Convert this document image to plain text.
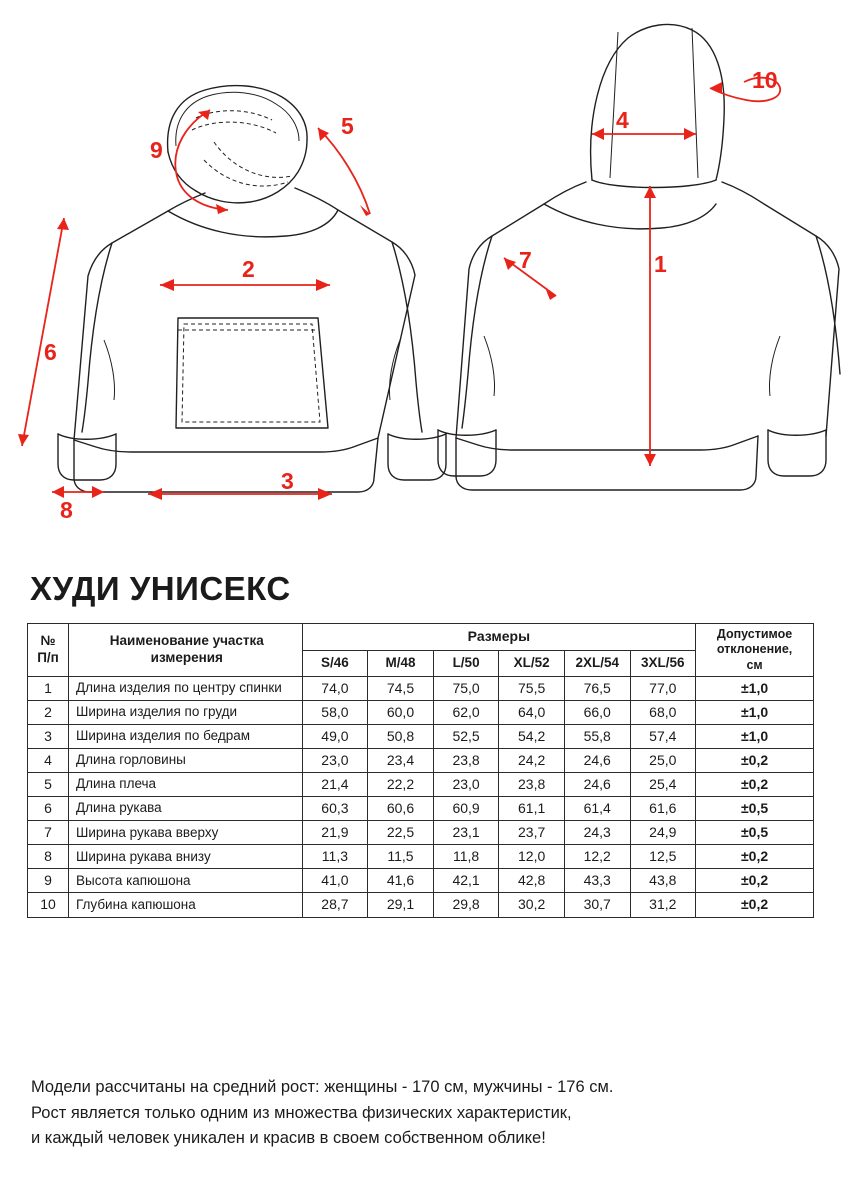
9
5
2
6
3
8
10
4
1
7
ХУДИ УНИСЕКС
№
П/п

Наименование участка
измерения
	Размеры	Допустимое
отклонение,
см

		S/46	M/48	L/50	XL/52	2XL/54	3XL/56	
1	Длина изделия по центру спинки	74,0	74,5	75,0	75,5	76,5	77,0	±1,0
2	Ширина изделия по груди	58,0	60,0	62,0	64,0	66,0	68,0	±1,0
3	Ширина изделия по бедрам	49,0	50,8	52,5	54,2	55,8	57,4	±1,0
4	Длина горловины	23,0	23,4	23,8	24,2	24,6	25,0	±0,2
5	Длина плеча	21,4	22,2	23,0	23,8	24,6	25,4	±0,2
6	Длина рукава	60,3	60,6	60,9	61,1	61,4	61,6	±0,5
7	Ширина рукава вверху	21,9	22,5	23,1	23,7	24,3	24,9	±0,5
8	Ширина рукава внизу	11,3	11,5	11,8	12,0	12,2	12,5	±0,2
9	Высота капюшона	41,0	41,6	42,1	42,8	43,3	43,8	±0,2
10	Глубина капюшона	28,7	29,1	29,8	30,2	30,7	31,2	±0,2
Модели рассчитаны на средний рост: женщины - 170 см, мужчины - 176 см.
Рост является только одним из множества физических характеристик,
и каждый человек уникален и красив в своем собственном облике!
